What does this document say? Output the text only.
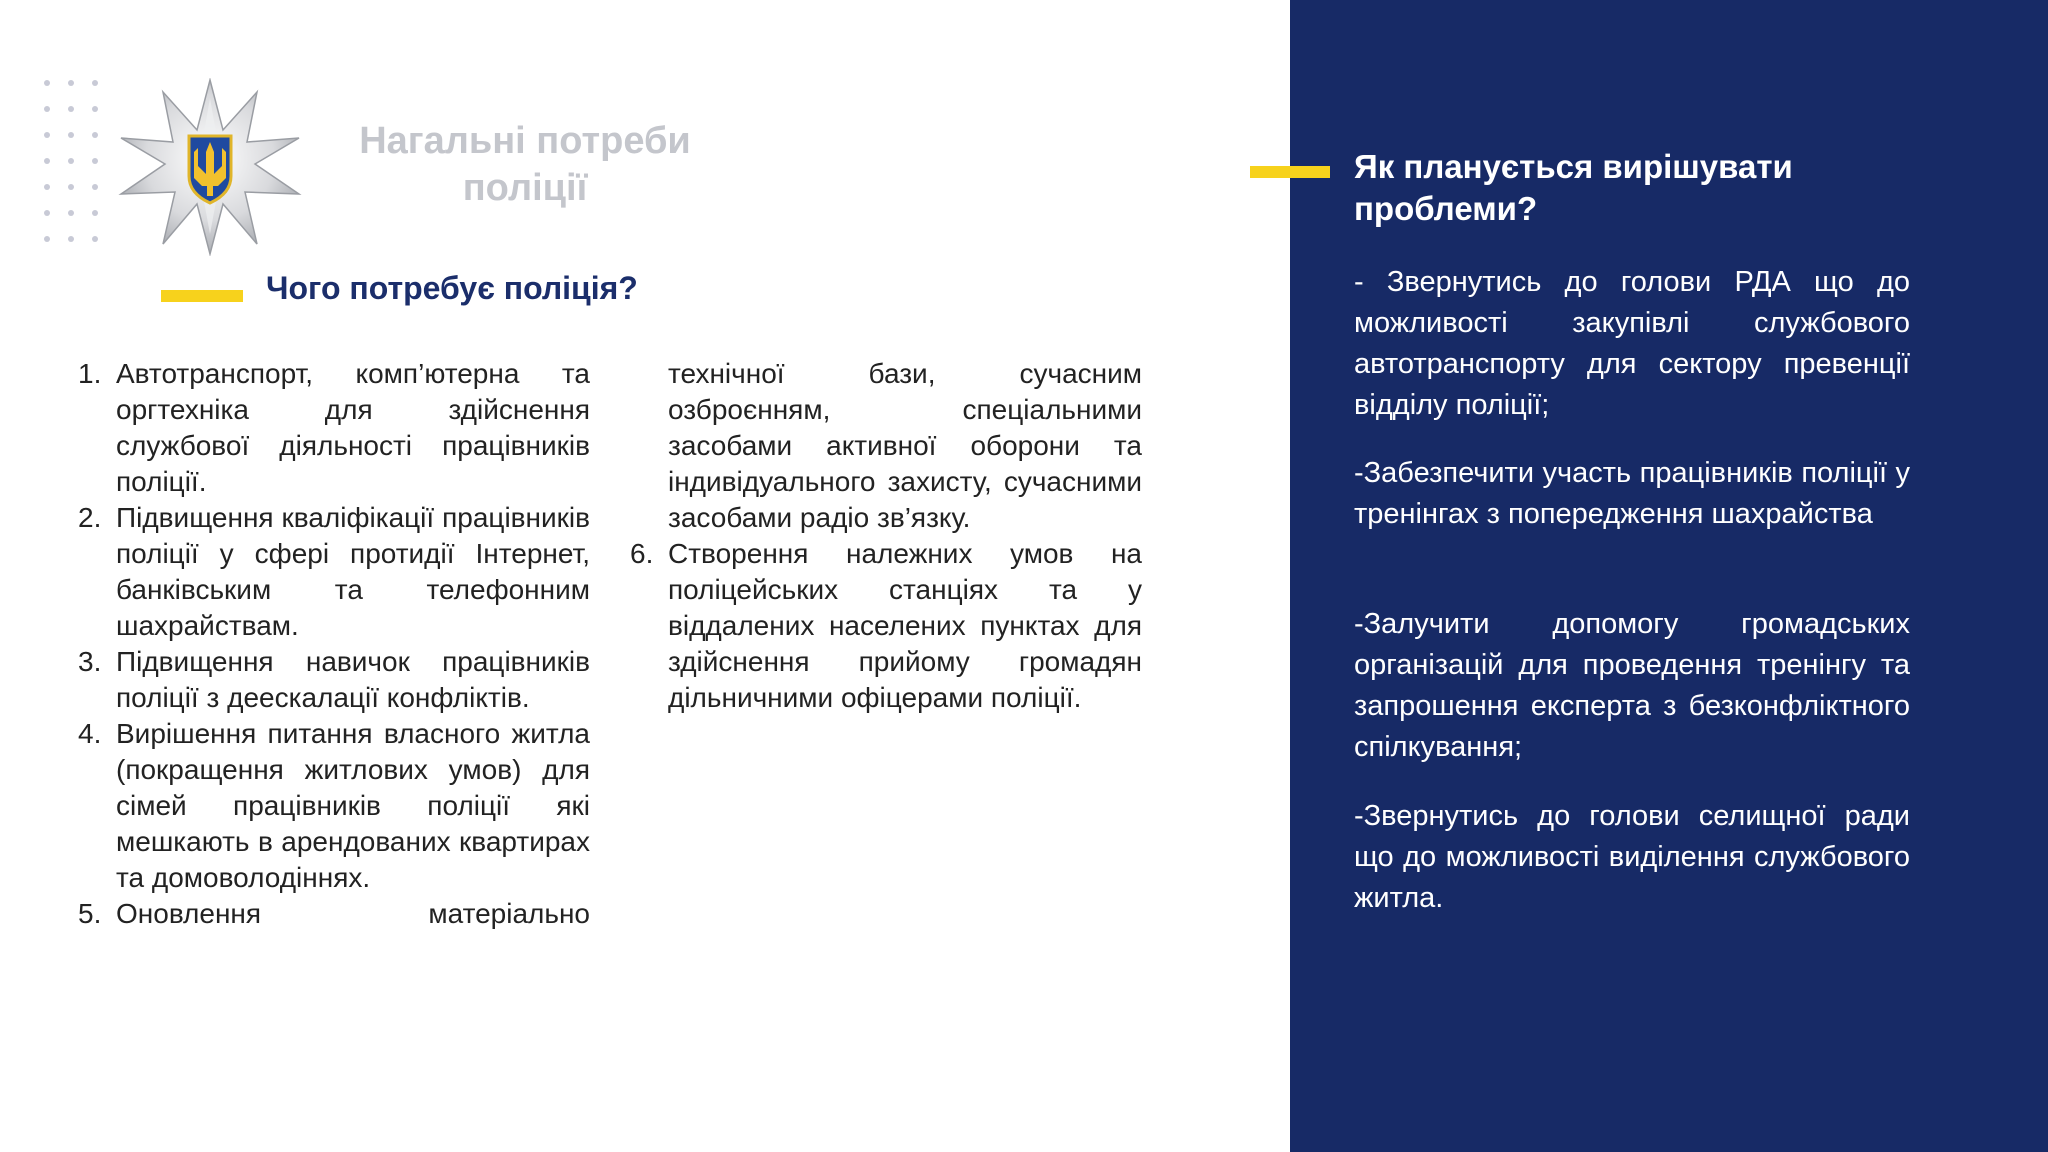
Нагальні потреби поліції
Чого потребує поліція?
1. Автотранспорт, комп’ютерна та оргтехніка для здійснення службової діяльності працівників поліції.
2. Підвищення кваліфікації працівників поліції у сфері протидії Інтернет, банківським та телефонним шахрайствам.
3. Підвищення навичок працівників поліції з деескалації конфліктів.
4. Вирішення питання власного житла (покращення житлових умов) для сімей працівників поліції які мешкають в арендованих квартирах та домоволодіннях.
5. Оновлення матеріально
технічної бази, сучасним озброєнням, спеціальними засобами активної оборони та індивідуального захисту, сучасними засобами радіо зв’язку.
6. Створення належних умов на поліцейських станціях та у віддалених населених пунктах для здійснення прийому громадян дільничними офіцерами поліції.
Як планується вирішувати проблеми?
- Звернутись до голови РДА що до можливості закупівлі службового автотранспорту для сектору превенції відділу поліції;
-Забезпечити участь працівників поліції у тренінгах з попередження шахрайства
-Залучити допомогу громадських організацій для проведення тренінгу та запрошення експерта з безконфліктного спілкування;
-Звернутись до голови селищної ради що до можливості виділення службового житла.
